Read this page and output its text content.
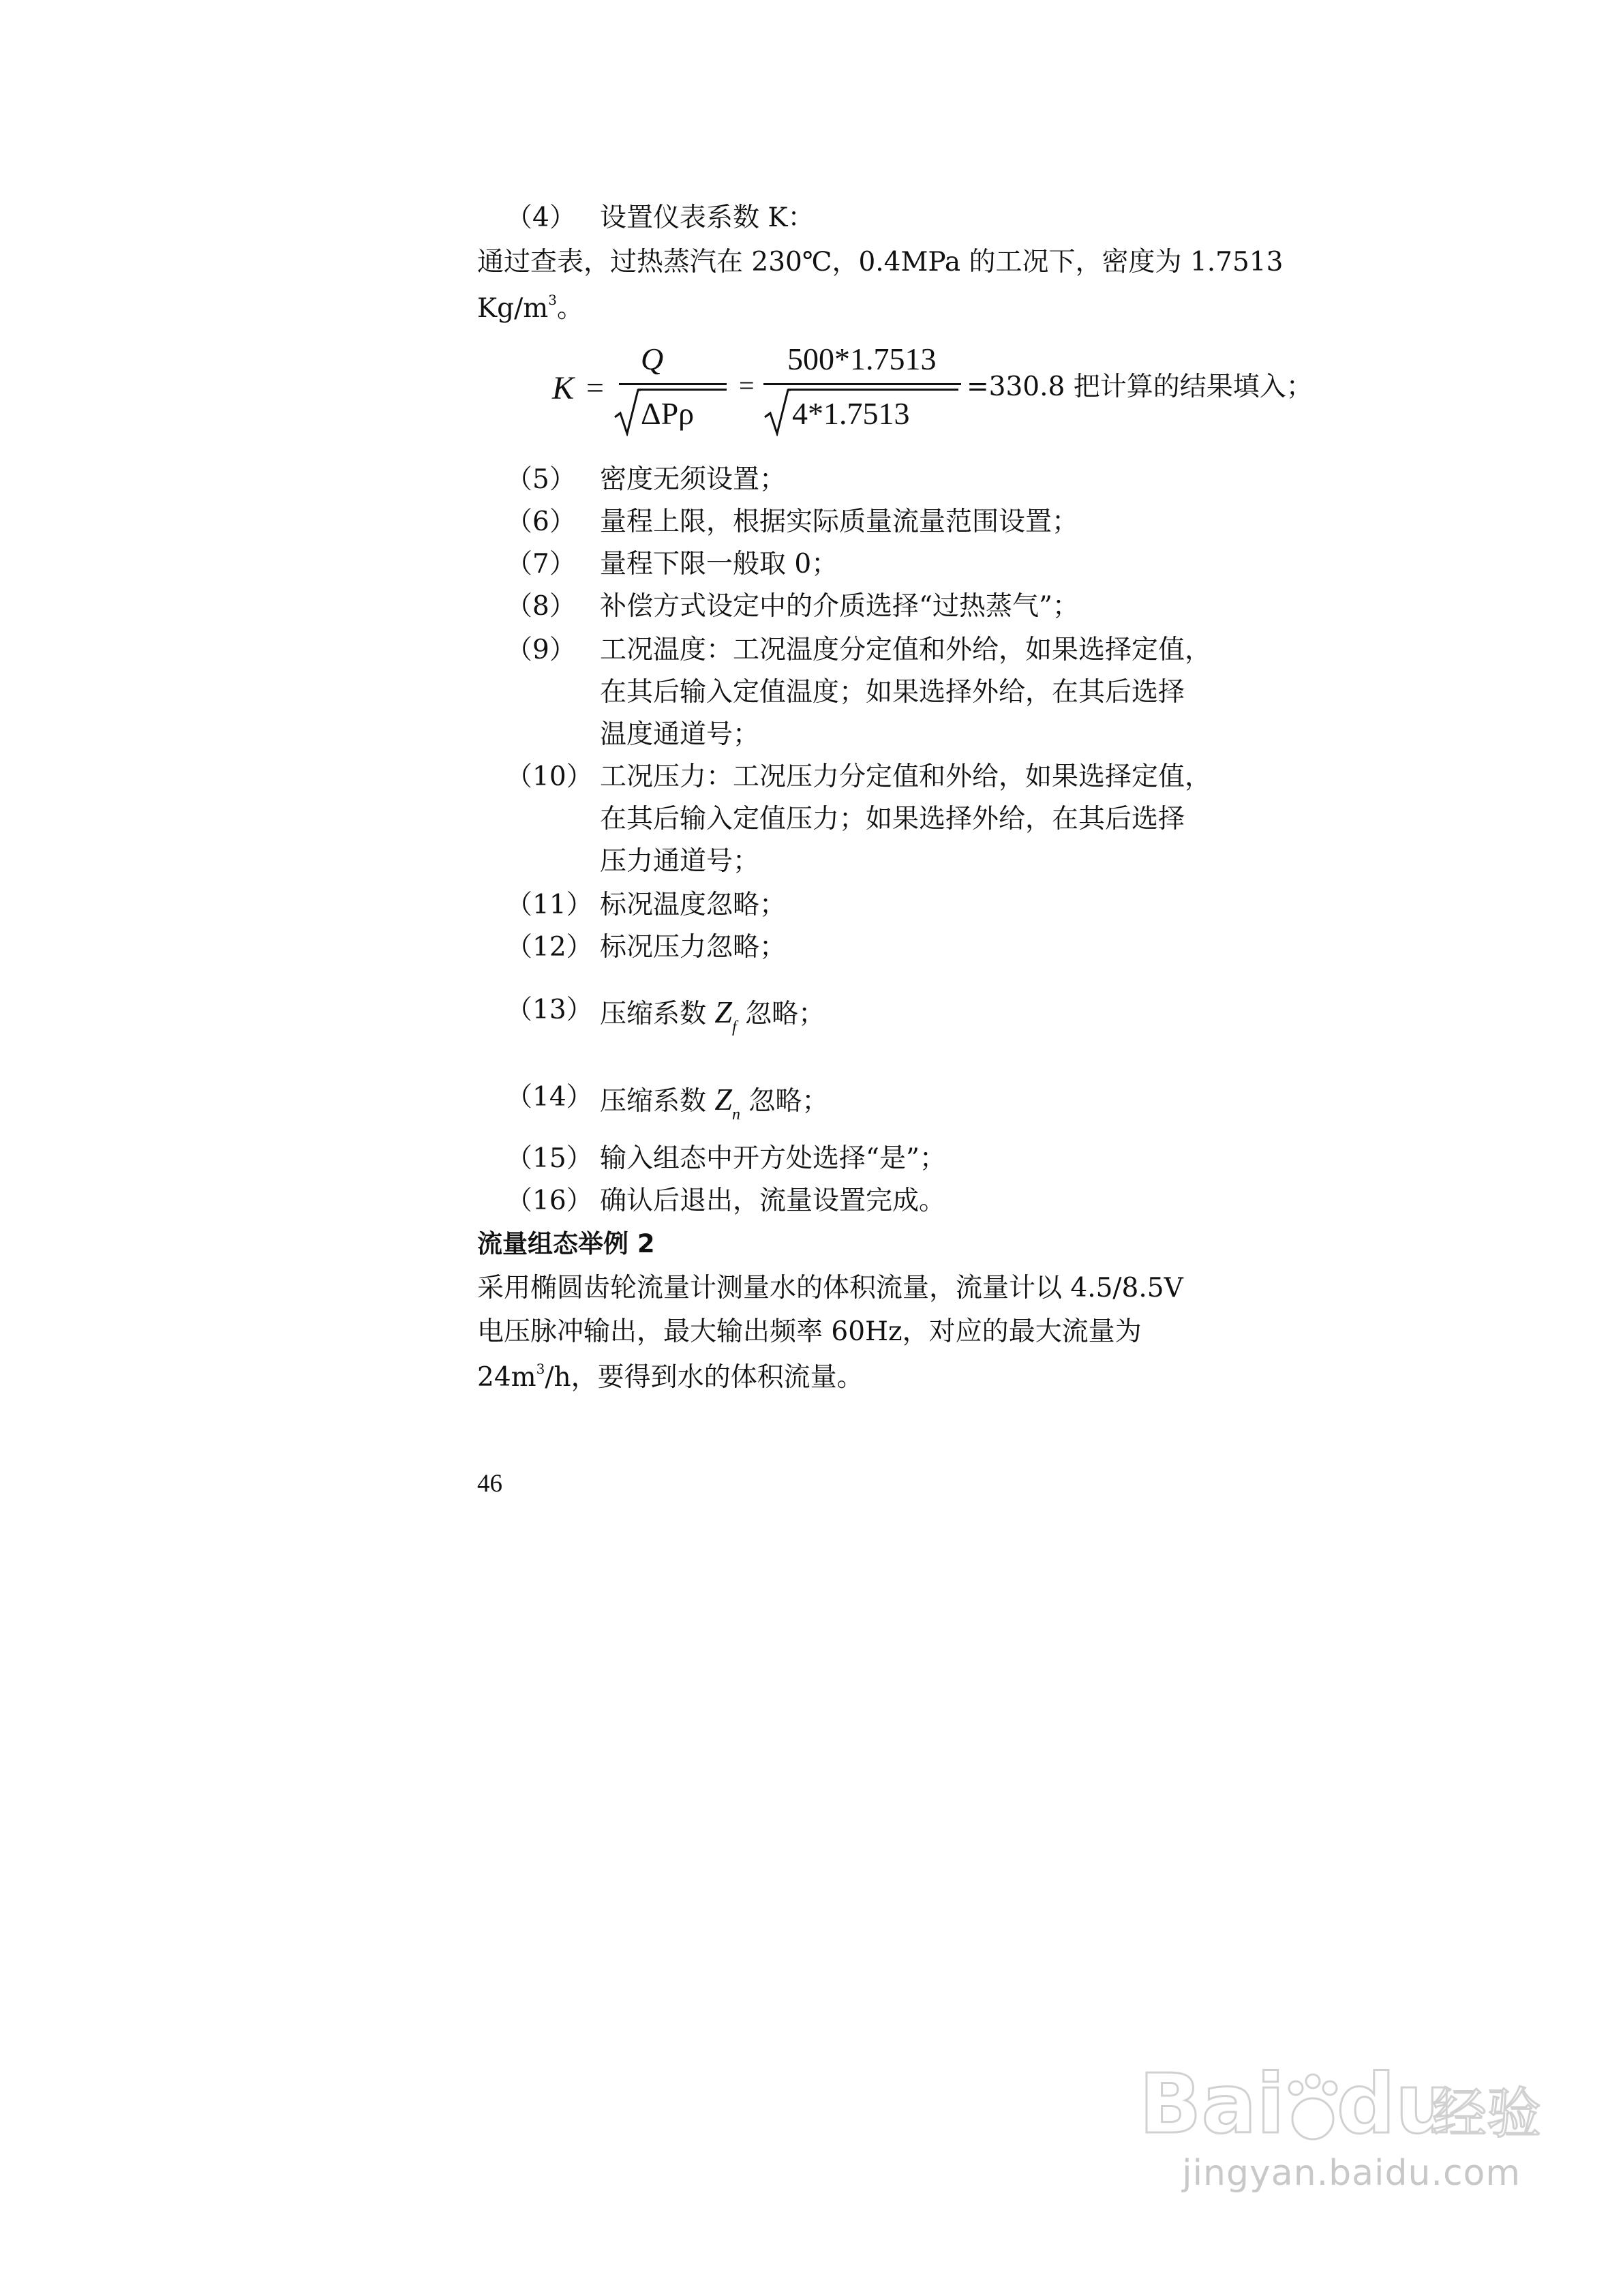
（4） 设置仪表系数 K：
通过查表，过热蒸汽在 230℃，0.4MPa 的工况下，密度为 1.7513
$Kg/m^3$。
K =
Q
ΔPρ
=
500*1.7513
4*1.7513
=330.8 把计算的结果填入；
（5） 密度无须设置；
（6） 量程上限，根据实际质量流量范围设置；
（7） 量程下限一般取 0；
（8） 补偿方式设定中的介质选择“过热蒸气”；
（9） 工况温度：工况温度分定值和外给，如果选择定值，
在其后输入定值温度；如果选择外给，在其后选择
温度通道号；
（10） 工况压力：工况压力分定值和外给，如果选择定值，
在其后输入定值压力；如果选择外给，在其后选择
压力通道号；
（11） 标况温度忽略；
（12） 标况压力忽略；
（13） 压缩系数 $Z_f$ 忽略；
（14） 压缩系数 $Z_n$ 忽略；
（15） 输入组态中开方处选择“是”；
（16） 确认后退出，流量设置完成。
流量组态举例 2
采用椭圆齿轮流量计测量水的体积流量，流量计以 4.5/8.5V
电压脉冲输出，最大输出频率 60Hz，对应的最大流量为
$24m^3/h$，要得到水的体积流量。
46
Bai du
经验
jingyan.baidu.com
